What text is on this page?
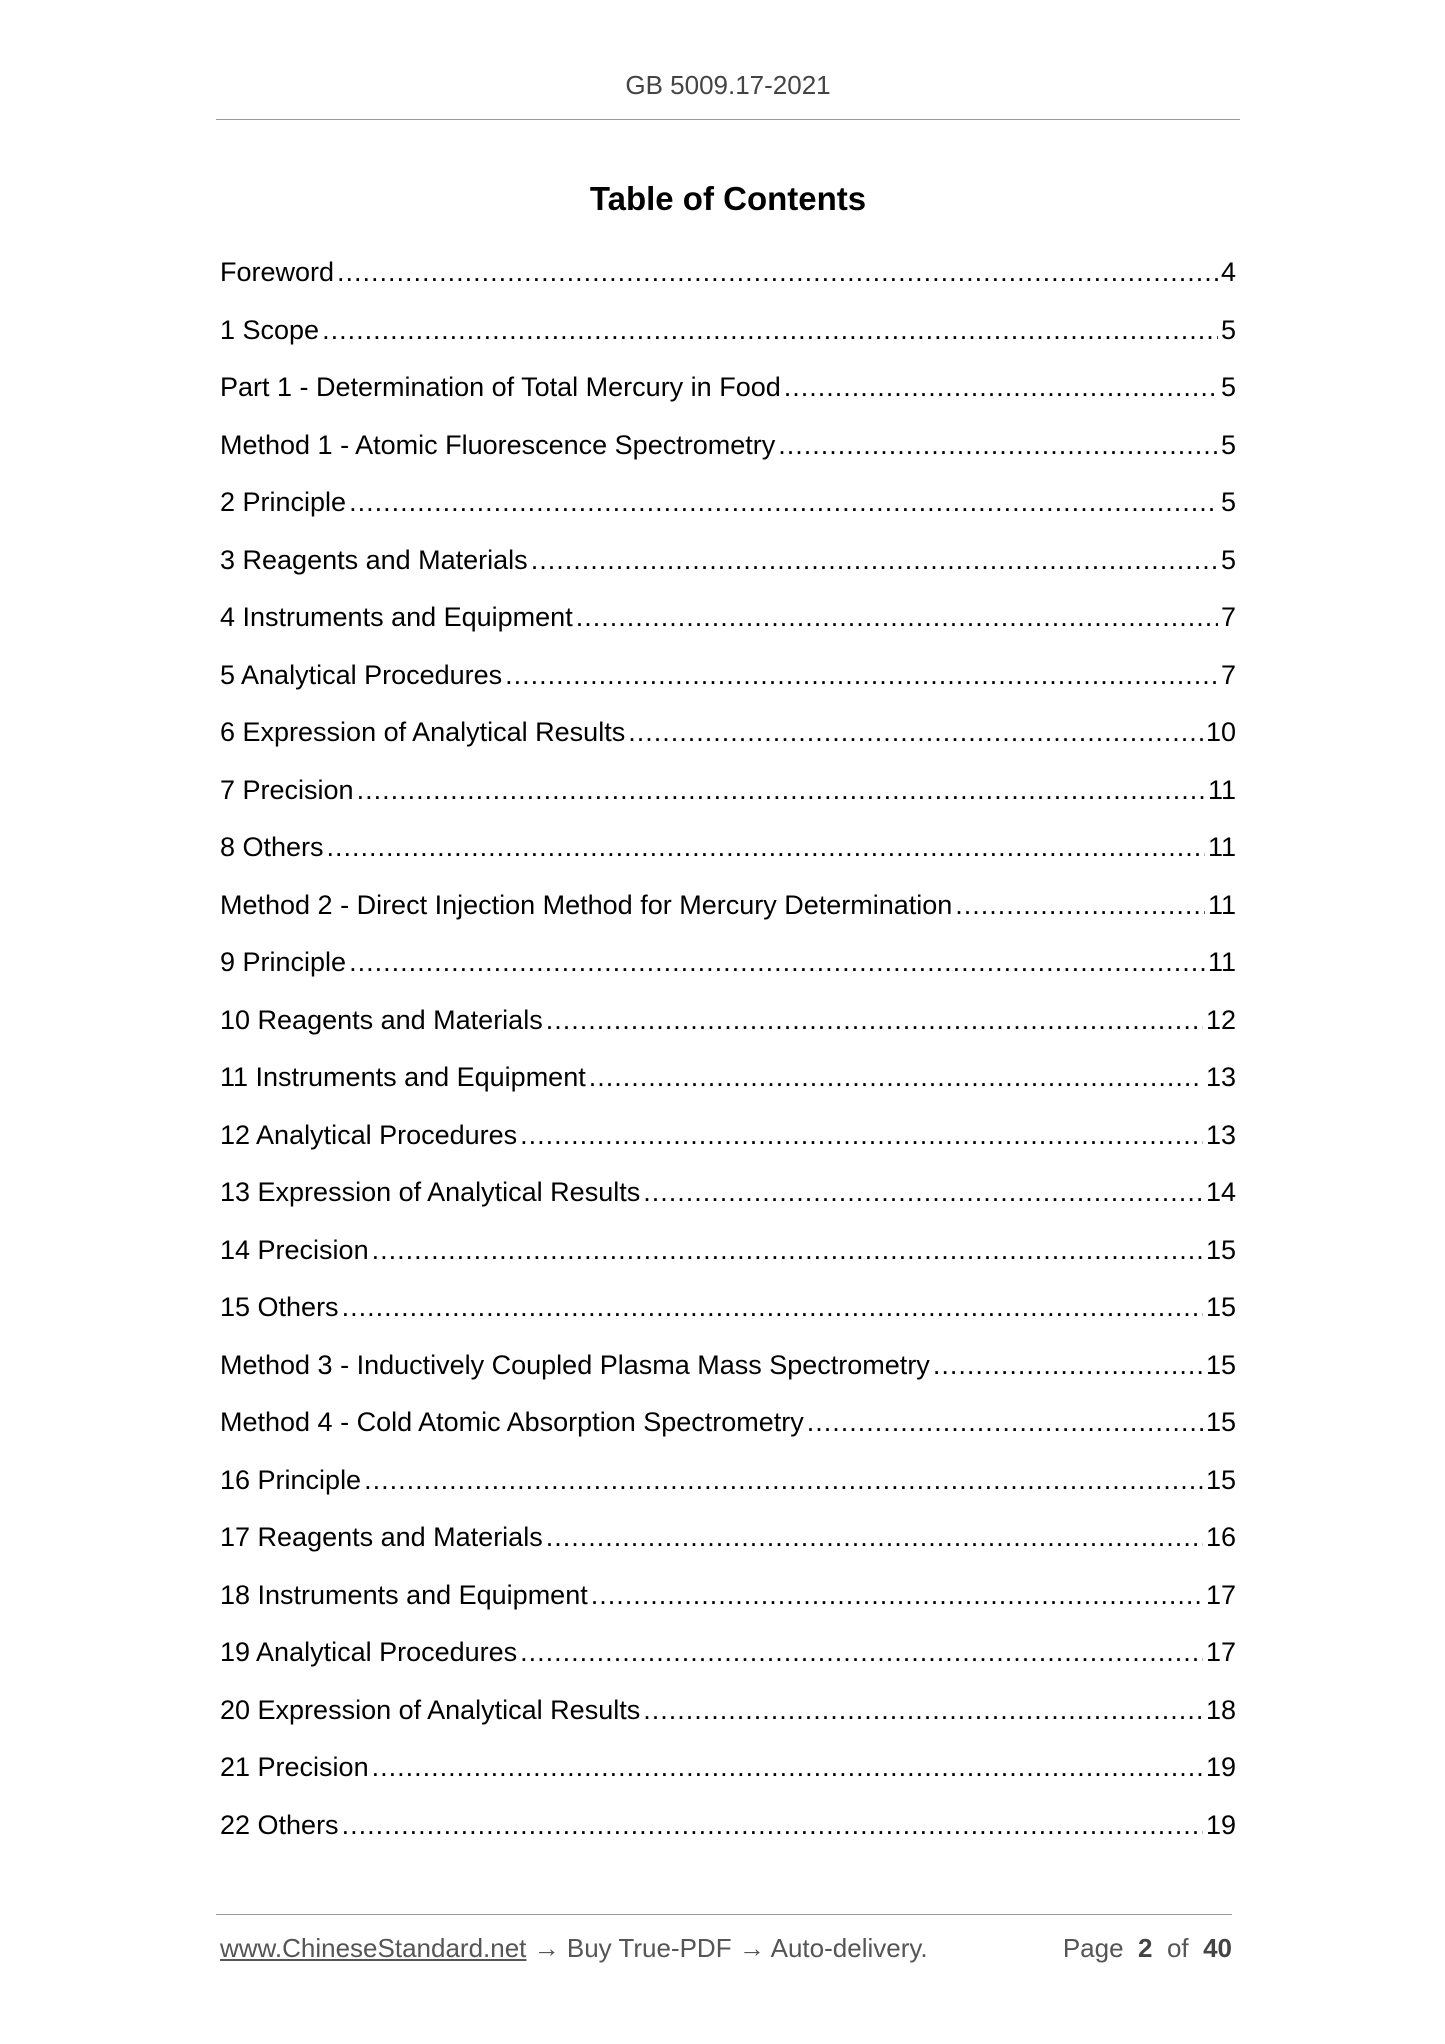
GB 5009.17-2021
Table of Contents
Foreword .....	4
1 Scope .....	5
Part 1 - Determination of Total Mercury in Food .....	5
Method 1 - Atomic Fluorescence Spectrometry .....	5
2 Principle .....	5
3 Reagents and Materials .....	5
4 Instruments and Equipment .....	7
5 Analytical Procedures .....	7
6 Expression of Analytical Results .....	10
7 Precision .....	11
8 Others .....	11
Method 2 - Direct Injection Method for Mercury Determination .....	11
9 Principle .....	11
10 Reagents and Materials .....	12
11 Instruments and Equipment .....	13
12 Analytical Procedures .....	13
13 Expression of Analytical Results .....	14
14 Precision .....	15
15 Others .....	15
Method 3 - Inductively Coupled Plasma Mass Spectrometry .....	15
Method 4 - Cold Atomic Absorption Spectrometry .....	15
16 Principle .....	15
17 Reagents and Materials .....	16
18 Instruments and Equipment .....	17
19 Analytical Procedures .....	17
20 Expression of Analytical Results .....	18
21 Precision .....	19
22 Others .....	19
www.ChineseStandard.net → Buy True-PDF → Auto-delivery.	Page 2 of 40
